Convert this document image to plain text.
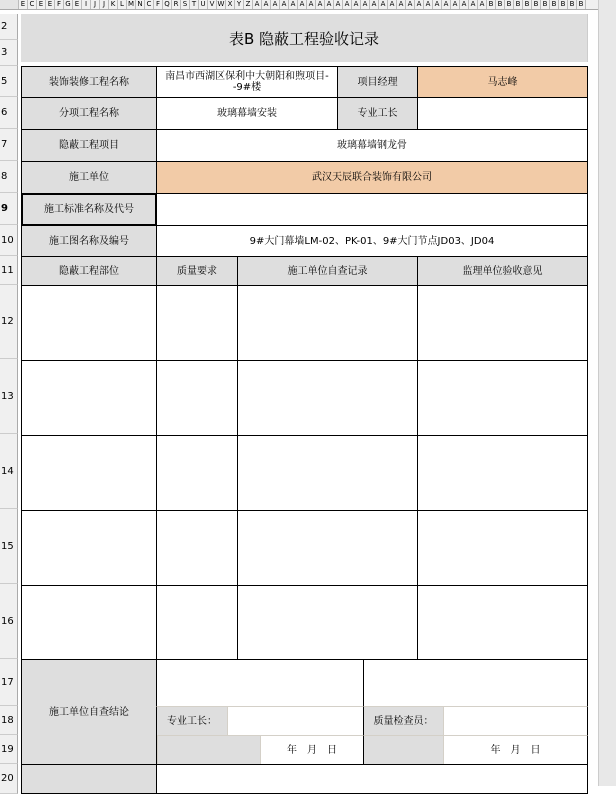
E C E E F G E I J J K L M N C F Q R S T U V W X Y Z A A A A A A A A A A A A A A A A A A A A A A A A A A B B B B B B B B B B B
2
3
5
6
7
8
9
10
11
12
13
14
15
16
17
18
19
20
表B 隐蔽工程验收记录
装饰装修工程名称	南昌市西湖区保利中大朝阳和煦项目--9#楼	项目经理	马志峰
分项工程名称	玻璃幕墙安装	专业工长
隐蔽工程项目	玻璃幕墙钢龙骨
施工单位	武汉天辰联合装饰有限公司
施工标准名称及代号
施工图名称及编号	9#大门幕墙LM-02、PK-01、9#大门节点JD03、JD04
隐蔽工程部位	质量要求	施工单位自查记录	监理单位验收意见
施工单位自查结论
专业工长：	质量检查员：
年　月　日	年　月　日
